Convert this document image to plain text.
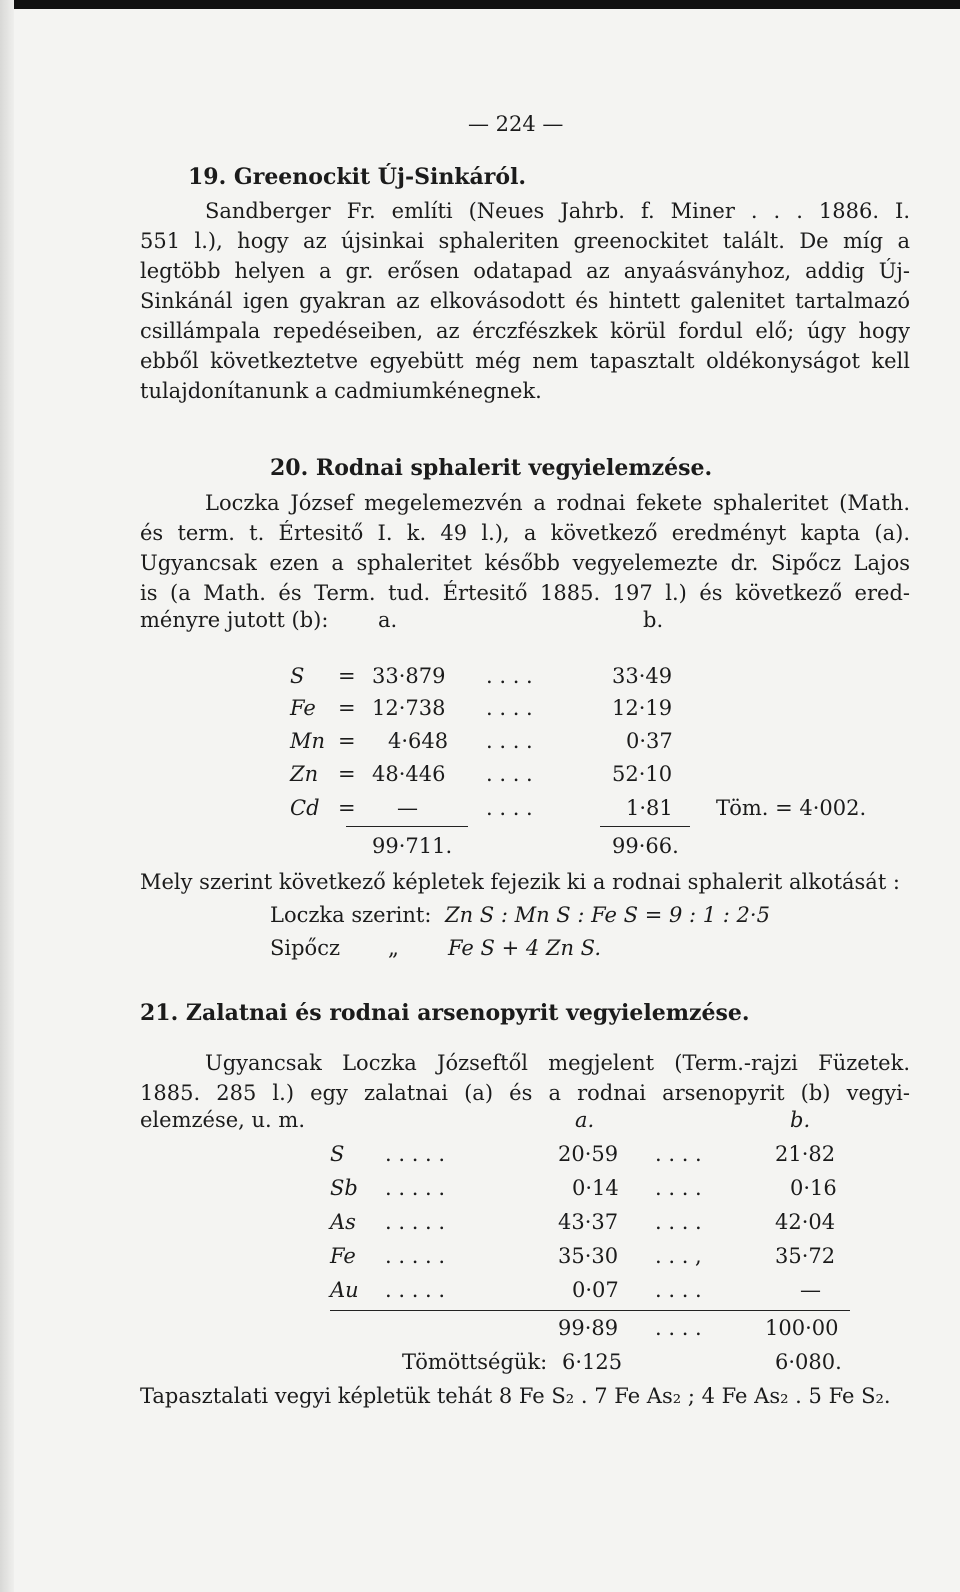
— 224 —
19. Greenockit Új-Sinkáról.
Sandberger Fr. említi (Neues Jahrb. f. Miner . . . 1886. I.
551 l.), hogy az újsinkai sphaleriten greenockitet talált. De míg a
legtöbb helyen a gr. erősen odatapad az anyaásványhoz, addig Új-
Sinkánál igen gyakran az elkovásodott és hintett galenitet tartalmazó
csillámpala repedéseiben, az érczfészkek körül fordul elő; úgy hogy
ebből következtetve egyebütt még nem tapasztalt oldékonyságot kell
tulajdonítanunk a cadmiumkénegnek.
20. Rodnai sphalerit vegyielemzése.
Loczka József megelemezvén a rodnai fekete sphaleritet (Math.
és term. t. Értesitő I. k. 49 l.), a következő eredményt kapta (a).
Ugyancsak ezen a sphaleritet később vegyelemezte dr. Sipőcz Lajos
is (a Math. és Term. tud. Értesitő 1885. 197 l.) és következő ered-
ményre jutott (b): a.	b.
S = 33·879 . . . .	33·49
Fe = 12·738 . . . .	12·19
Mn = 4·648 . . . .	0·37
Zn = 48·446 . . . .	52·10
Cd = —	. . . .	1·81 Töm. = 4·002.
99·711.	99·66.
Mely szerint következő képletek fejezik ki a rodnai sphalerit alkotását :
Loczka szerint: Zn S : Mn S : Fe S = 9 : 1 : 2·5
Sipőcz „ Fe S + 4 Zn S.
21. Zalatnai és rodnai arsenopyrit vegyielemzése.
Ugyancsak Loczka Józseftől megjelent (Term.-rajzi Füzetek.
1885. 285 l.) egy zalatnai (a) és a rodnai arsenopyrit (b) vegyi-
elemzése, u. m.	a.	b.
S . . . . .	20·59 . . . .	21·82
Sb . . . . .	0·14 . . . .	0·16
As . . . . .	43·37 . . . .	42·04
Fe . . . . .	35·30 . . . ,	35·72
Au . . . . .	0·07 . . . .	—
99·89 . . . .	100·00
Tömöttségük: 6·125	6·080.
Tapasztalati vegyi képletük tehát 8 Fe S₂ . 7 Fe As₂ ; 4 Fe As₂ . 5 Fe S₂.
